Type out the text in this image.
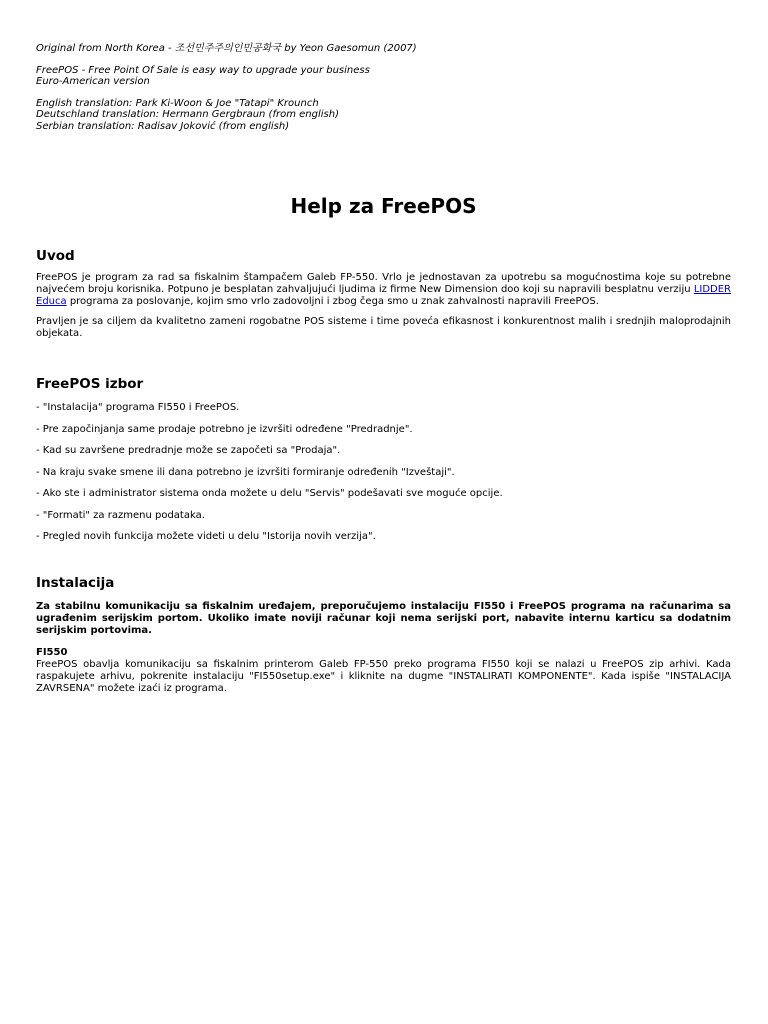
Original from North Korea - 조선민주주의인민공화국 by Yeon Gaesomun (2007)
FreePOS - Free Point Of Sale is easy way to upgrade your business
Euro-American version
English translation: Park Ki-Woon & Joe "Tatapi" Krounch
Deutschland translation: Hermann Gergbraun (from english)
Serbian translation: Radisav Joković (from english)
Help za FreePOS
Uvod

FreePOS je program za rad sa fiskalnim štampačem Galeb FP-550. Vrlo je jednostavan za upotrebu sa mogućnostima koje su potrebne najvećem broju korisnika. Potpuno je besplatan zahvaljujući ljudima iz firme New Dimension doo koji su napravili besplatnu verziju LIDDER Educa programa za poslovanje, kojim smo vrlo zadovoljni i zbog čega smo u znak zahvalnosti napravili FreePOS.

Pravljen je sa ciljem da kvalitetno zameni rogobatne POS sisteme i time poveća efikasnost i konkurentnost malih i srednjih maloprodajnih objekata.

FreePOS izbor

- "Instalacija" programa FI550 i FreePOS.

- Pre započinjanja same prodaje potrebno je izvršiti određene "Predradnje".

- Kad su završene predradnje može se započeti sa "Prodaja".

- Na kraju svake smene ili dana potrebno je izvršiti formiranje određenih "Izveštaji".

- Ako ste i administrator sistema onda možete u delu "Servis" podešavati sve moguće opcije.

- "Formati" za razmenu podataka.

- Pregled novih funkcija možete videti u delu "Istorija novih verzija".

Instalacija

Za stabilnu komunikaciju sa fiskalnim uređajem, preporučujemo instalaciju FI550 i FreePOS programa na računarima sa ugrađenim serijskim portom. Ukoliko imate noviji računar koji nema serijski port, nabavite internu karticu sa dodatnim serijskim portovima.

FI550

FreePOS obavlja komunikaciju sa fiskalnim printerom Galeb FP-550 preko programa FI550 koji se nalazi u FreePOS zip arhivi. Kada raspakujete arhivu, pokrenite instalaciju "FI550setup.exe" i kliknite na dugme "INSTALIRATI KOMPONENTE". Kada ispiše "INSTALACIJA ZAVRSENA" možete izaći iz programa.
